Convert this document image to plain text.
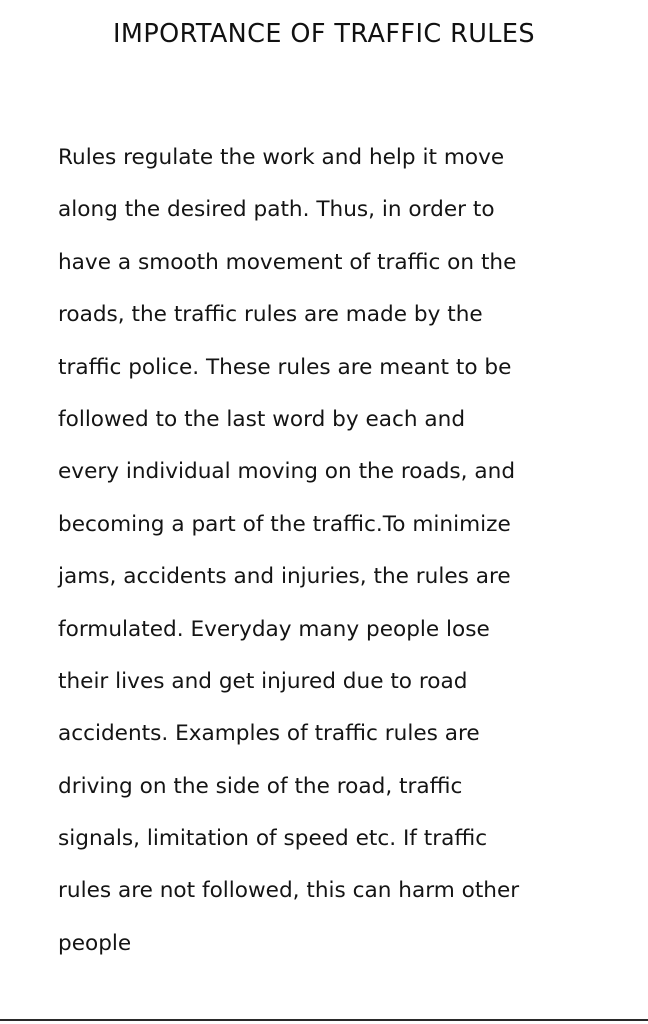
IMPORTANCE OF TRAFFIC RULES
Rules regulate the work and help it move
along the desired path. Thus, in order to
have a smooth movement of traffic on the
roads, the traffic rules are made by the
traffic police. These rules are meant to be
followed to the last word by each and
every individual moving on the roads, and
becoming a part of the traffic.To minimize
jams, accidents and injuries, the rules are
formulated. Everyday many people lose
their lives and get injured due to road
accidents. Examples of traffic rules are
driving on the side of the road, traffic
signals, limitation of speed etc. If traffic
rules are not followed, this can harm other
people
